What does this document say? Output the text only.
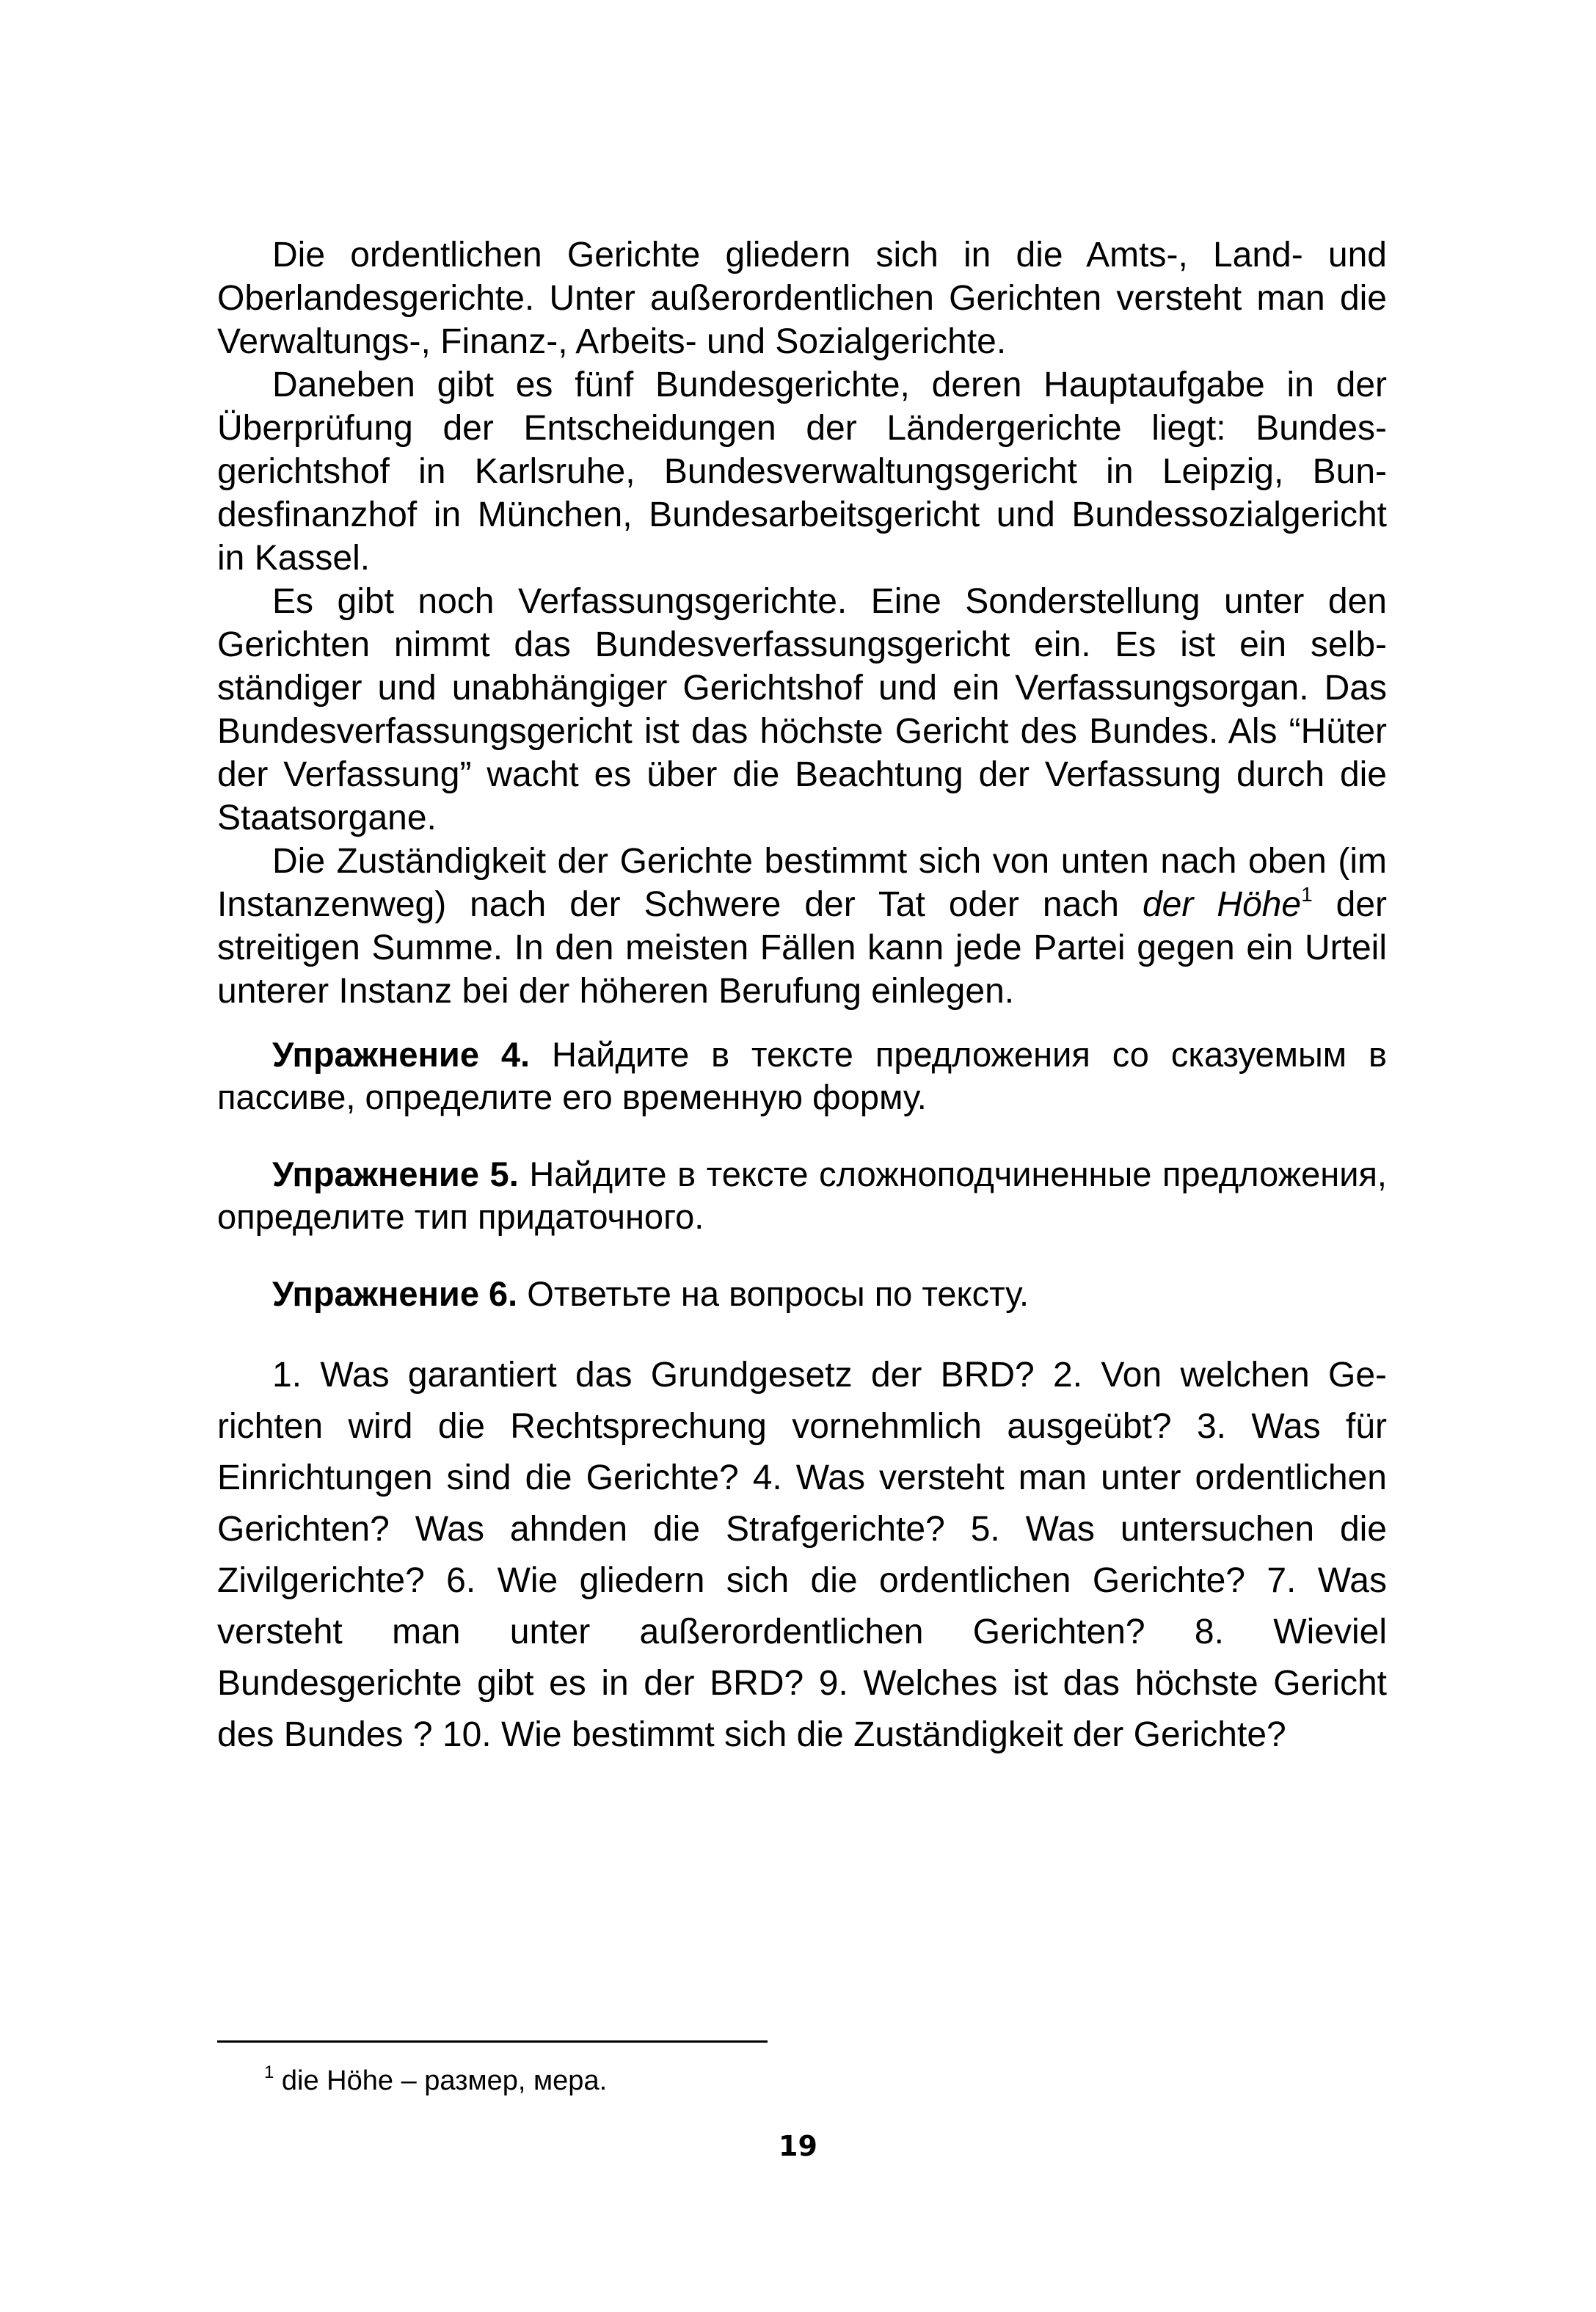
Die ordentlichen Gerichte gliedern sich in die Amts-, Land- und Oberlandesgerichte. Unter außerordentlichen Gerichten versteht man die Verwaltungs-, Finanz-, Arbeits- und Sozialgerichte.

Daneben gibt es fünf Bundesgerichte, deren Hauptaufgabe in der Überprüfung der Entscheidungen der Ländergerichte liegt: Bundesgerichtshof in Karlsruhe, Bundesverwaltungsgericht in Leipzig, Bundesfinanzhof in München, Bundesarbeitsgericht und Bundessozialgericht in Kassel.

Es gibt noch Verfassungsgerichte. Eine Sonderstellung unter den Gerichten nimmt das Bundesverfassungsgericht ein. Es ist ein selbständiger und unabhängiger Gerichtshof und ein Verfassungsorgan. Das Bundesverfassungsgericht ist das höchste Gericht des Bundes. Als “Hüter der Verfassung” wacht es über die Beachtung der Verfassung durch die Staatsorgane.

Die Zuständigkeit der Gerichte bestimmt sich von unten nach oben (im Instanzenweg) nach der Schwere der Tat oder nach der Höhe$^1$ der streitigen Summe. In den meisten Fällen kann jede Partei gegen ein Urteil unterer Instanz bei der höheren Berufung einlegen.

Упражнение 4. Найдите в тексте предложения со сказуемым в пассиве, определите его временную форму.

Упражнение 5. Найдите в тексте сложноподчиненные предложения, определите тип придаточного.

Упражнение 6. Ответьте на вопросы по тексту.

1. Was garantiert das Grundgesetz der BRD? 2. Von welchen Gerichten wird die Rechtsprechung vornehmlich ausgeübt? 3. Was für Einrichtungen sind die Gerichte? 4. Was versteht man unter ordentlichen Gerichten? Was ahnden die Strafgerichte? 5. Was untersuchen die Zivilgerichte? 6. Wie gliedern sich die ordentlichen Gerichte? 7. Was versteht man unter außerordentlichen Gerichten? 8. Wieviel Bundesgerichte gibt es in der BRD? 9. Welches ist das höchste Gericht des Bundes ? 10. Wie bestimmt sich die Zuständigkeit der Gerichte?

$^1$ die Höhe – размер, мера.
19
